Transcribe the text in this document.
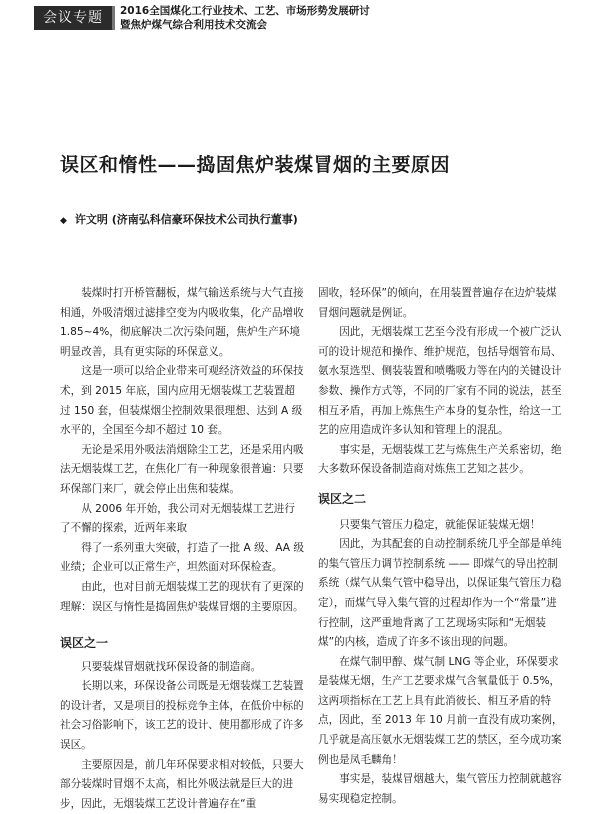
会议专题	2016全国煤化工行业技术、工艺、市场形势发展研讨
暨焦炉煤气综合利用技术交流会
误区和惰性——捣固焦炉装煤冒烟的主要原因
◆ 许文明 (济南弘科信豪环保技术公司执行董事)

装煤时打开桥管翻板，煤气输送系统与大气直接相通，外吸清烟过滤排空变为内吸收集，化产品增收 1.85~4%，彻底解决二次污染问题，焦炉生产环境明显改善，具有更实际的环保意义。

这是一项可以给企业带来可观经济效益的环保技术，到 2015 年底，国内应用无烟装煤工艺装置超过 150 套，但装煤烟尘控制效果很理想、达到 A 级水平的，全国至今却不超过 10 套。

无论是采用外吸法消烟除尘工艺，还是采用内吸法无烟装煤工艺，在焦化厂有一种现象很普遍：只要环保部门来厂，就会停止出焦和装煤。

从 2006 年开始，我公司对无烟装煤工艺进行了不懈的探索，近两年来取

得了一系列重大突破，打造了一批 A 级、AA 级业绩；企业可以正常生产，坦然面对环保检查。

由此，也对目前无烟装煤工艺的现状有了更深的理解：误区与惰性是捣固焦炉装煤冒烟的主要原因。

误区之一

只要装煤冒烟就找环保设备的制造商。

长期以来，环保设备公司既是无烟装煤工艺装置的设计者，又是项目的投标竞争主体，在低价中标的社会习俗影响下，该工艺的设计、使用都形成了许多误区。

主要原因是，前几年环保要求相对较低，只要大部分装煤时冒烟不太高，相比外吸法就是巨大的进步，因此，无烟装煤工艺设计普遍存在“重

固收，轻环保”的倾向，在用装置普遍存在边炉装煤冒烟问题就是例证。

因此，无烟装煤工艺至今没有形成一个被广泛认可的设计规范和操作、维护规范，包括导烟管布局、氨水泵选型、侧装装置和喷嘴吸力等在内的关键设计参数、操作方式等，不同的厂家有不同的说法，甚至相互矛盾，再加上炼焦生产本身的复杂性，给这一工艺的应用造成许多认知和管理上的混乱。

事实是，无烟装煤工艺与炼焦生产关系密切，绝大多数环保设备制造商对炼焦工艺知之甚少。

误区之二

只要集气管压力稳定，就能保证装煤无烟！

因此，为其配套的自动控制系统几乎全部是单纯的集气管压力调节控制系统 —— 即煤气的导出控制系统（煤气从集气管中稳导出，以保证集气管压力稳定），而煤气导入集气管的过程却作为一个“常量”进行控制，这严重地背离了工艺现场实际和“无烟装煤”的内核，造成了许多不该出现的问题。

在煤气制甲醇、煤气制 LNG 等企业，环保要求是装煤无烟，生产工艺要求煤气含氧量低于 0.5%，这两项指标在工艺上具有此消彼长、相互矛盾的特点，因此，至 2013 年 10 月前一直没有成功案例，几乎就是高压氨水无烟装煤工艺的禁区，至今成功案例也是凤毛麟角！

事实是，装煤冒烟越大，集气管压力控制就越容易实现稳定控制。
